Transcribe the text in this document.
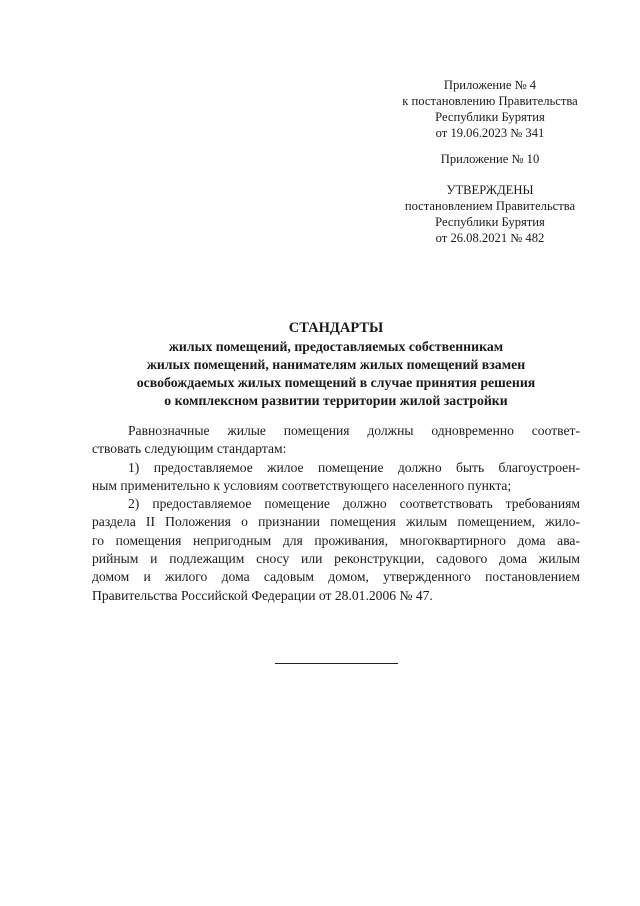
Приложение № 4
к постановлению Правительства
Республики Бурятия
от 19.06.2023 № 341
Приложение № 10
УТВЕРЖДЕНЫ
постановлением Правительства
Республики Бурятия
от 26.08.2021 № 482
СТАНДАРТЫ
жилых помещений, предоставляемых собственникам
жилых помещений, нанимателям жилых помещений взамен
освобождаемых жилых помещений в случае принятия решения
о комплексном развитии территории жилой застройки
Равнозначные жилые помещения должны одновременно соответ-
ствовать следующим стандартам:
1) предоставляемое жилое помещение должно быть благоустроен-
ным применительно к условиям соответствующего населенного пункта;
2) предоставляемое помещение должно соответствовать требованиям
раздела II Положения о признании помещения жилым помещением, жило-
го помещения непригодным для проживания, многоквартирного дома ава-
рийным и подлежащим сносу или реконструкции, садового дома жилым
домом и жилого дома садовым домом, утвержденного постановлением
Правительства Российской Федерации от 28.01.2006 № 47.
